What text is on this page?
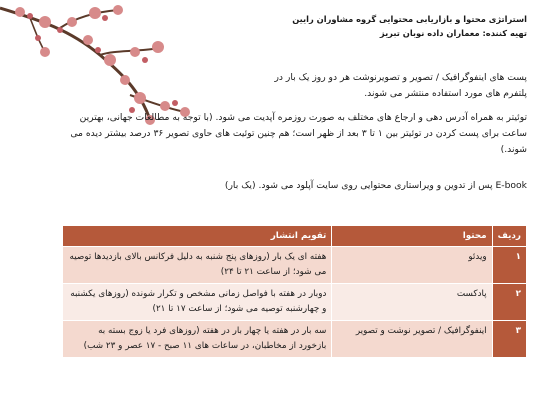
استراتژی محتوا و بازاریابی محتوایی گروه مشاوران رایین
تهیه کننده: معماران داده نوبان تبریز
پست های اینفوگرافیک / تصویر و تصویرنوشت هر دو روز یک بار در پلتفرم های مورد استفاده منتشر می شوند.
توئیتر به همراه آدرس دهی و ارجاع های مختلف به صورت روزمره آپدیت می شود. (با توجه به مطالعات جهانی، بهترین ساعت برای پست کردن در توئیتر بین ۱ تا ۳ بعد از ظهر است؛ هم چنین توئیت های حاوی تصویر ۳۶ درصد بیشتر دیده می شوند.)
E-book پس از تدوین و ویراستاری محتوایی روی سایت آپلود می شود. (یک بار)
ردیف	محتوا	تقویم انتشار
۱	ویدئو	هفته ای یک بار (روزهای پنج شنبه به دلیل فرکانس بالای بازدیدها توصیه می شود؛ از ساعت ۲۱ تا ۲۴)
۲	پادکست	دوبار در هفته با فواصل زمانی مشخص و تکرار شونده (روزهای یکشنبه و چهارشنبه توصیه می شود؛ از ساعت ۱۷ تا ۲۱)
۳	اینفوگرافیک / تصویر نوشت و تصویر	سه بار در هفته یا چهار بار در هفته (روزهای فرد یا زوج بسته به بازخورد از مخاطبان، در ساعات های ۱۱ صبح - ۱۷ عصر و ۲۳ شب)
